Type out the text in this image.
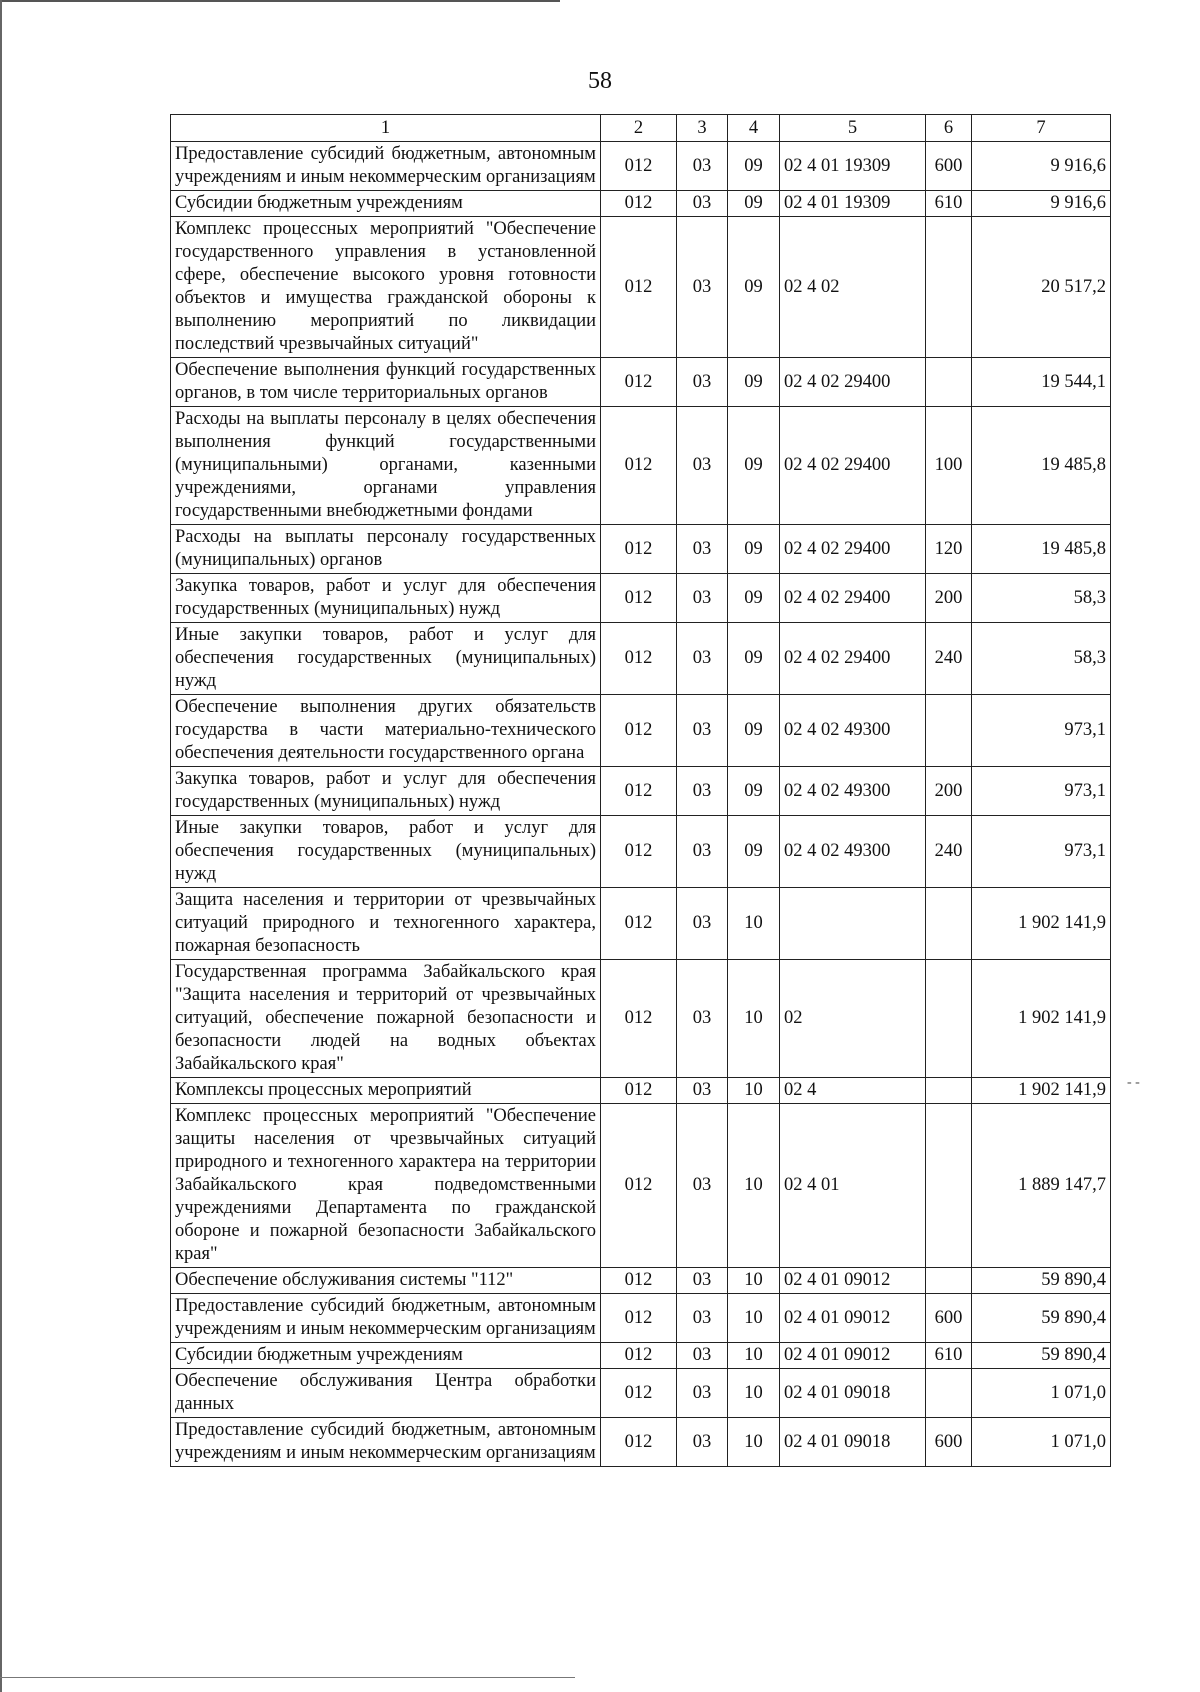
58
1	2	3	4	5	6	7
Предоставление субсидий бюджетным, автономным учреждениям и иным некоммерческим организациям	012	03	09	02 4 01 19309	600	9 916,6
Субсидии бюджетным учреждениям	012	03	09	02 4 01 19309	610	9 916,6
Комплекс процессных мероприятий "Обеспечение государственного управления в установленной сфере, обеспечение высокого уровня готовности объектов и имущества гражданской обороны к выполнению мероприятий по ликвидации последствий чрезвычайных ситуаций"	012	03	09	02 4 02		20 517,2
Обеспечение выполнения функций государственных органов, в том числе территориальных органов	012	03	09	02 4 02 29400		19 544,1
Расходы на выплаты персоналу в целях обеспечения выполнения функций государственными (муниципальными) органами, казенными учреждениями, органами управления государственными внебюджетными фондами	012	03	09	02 4 02 29400	100	19 485,8
Расходы на выплаты персоналу государственных (муниципальных) органов	012	03	09	02 4 02 29400	120	19 485,8
Закупка товаров, работ и услуг для обеспечения государственных (муниципальных) нужд	012	03	09	02 4 02 29400	200	58,3
Иные закупки товаров, работ и услуг для обеспечения государственных (муниципальных) нужд	012	03	09	02 4 02 29400	240	58,3
Обеспечение выполнения других обязательств государства в части материально-технического обеспечения деятельности государственного органа	012	03	09	02 4 02 49300		973,1
Закупка товаров, работ и услуг для обеспечения государственных (муниципальных) нужд	012	03	09	02 4 02 49300	200	973,1
Иные закупки товаров, работ и услуг для обеспечения государственных (муниципальных) нужд	012	03	09	02 4 02 49300	240	973,1
Защита населения и территории от чрезвычайных ситуаций природного и техногенного характера, пожарная безопасность	012	03	10			1 902 141,9
Государственная программа Забайкальского края "Защита населения и территорий от чрезвычайных ситуаций, обеспечение пожарной безопасности и безопасности людей на водных объектах Забайкальского края"	012	03	10	02		1 902 141,9
Комплексы процессных мероприятий	012	03	10	02 4		1 902 141,9
Комплекс процессных мероприятий "Обеспечение защиты населения от чрезвычайных ситуаций природного и техногенного характера на территории Забайкальского края подведомственными учреждениями Департамента по гражданской обороне и пожарной безопасности Забайкальского края"	012	03	10	02 4 01		1 889 147,7
Обеспечение обслуживания системы "112"	012	03	10	02 4 01 09012		59 890,4
Предоставление субсидий бюджетным, автономным учреждениям и иным некоммерческим организациям	012	03	10	02 4 01 09012	600	59 890,4
Субсидии бюджетным учреждениям	012	03	10	02 4 01 09012	610	59 890,4
Обеспечение обслуживания Центра обработки данных	012	03	10	02 4 01 09018		1 071,0
Предоставление субсидий бюджетным, автономным учреждениям и иным некоммерческим организациям	012	03	10	02 4 01 09018	600	1 071,0
- -
